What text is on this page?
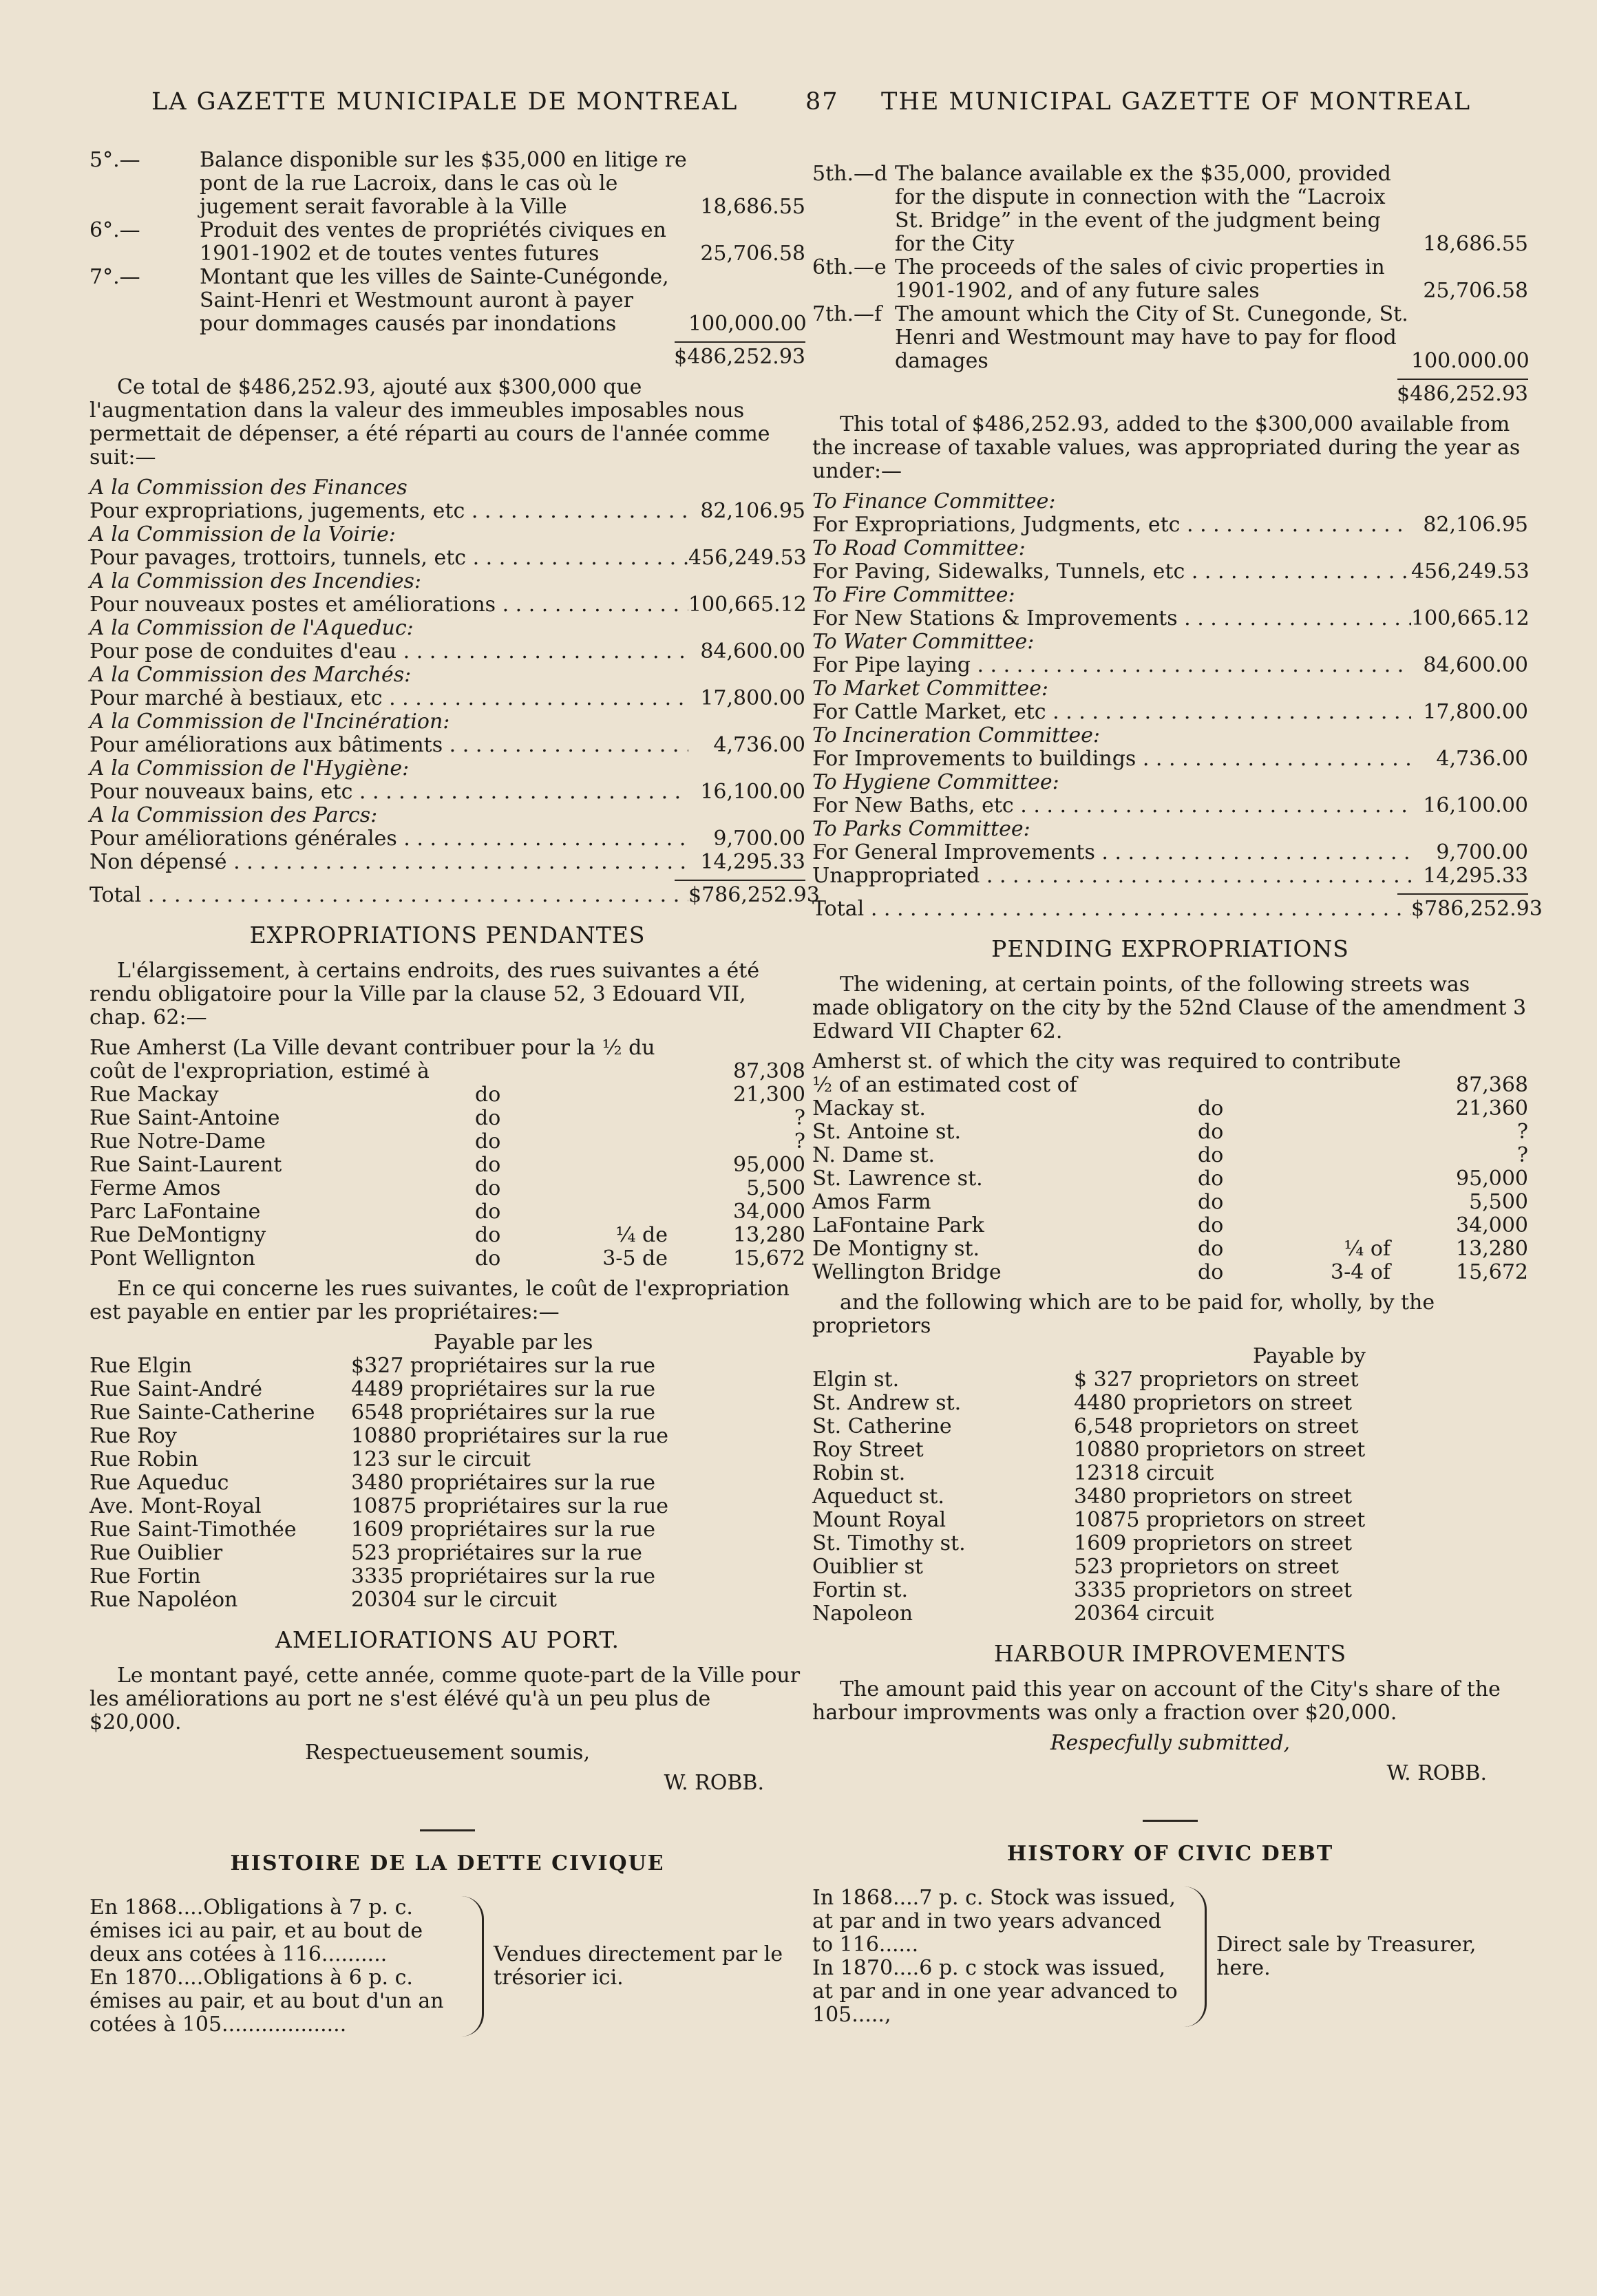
LA GAZETTE MUNICIPALE DE MONTREAL	87 THE MUNICIPAL GAZETTE OF MONTREAL
5°.—	Balance disponible sur les $35,000 en litige re pont de la rue Lacroix, dans le cas où le jugement serait favorable à la Ville	18,686.55
6°.—	Produit des ventes de propriétés civiques en 1901-1902 et de toutes ventes futures	25,706.58
7°.—	Montant que les villes de Sainte-Cunégonde, Saint-Henri et Westmount auront à payer pour dommages causés par inondations	100,000.00
$486,252.93
Ce total de $486,252.93, ajouté aux $300,000 que l'augmentation dans la valeur des immeubles imposables nous permettait de dépenser, a été réparti au cours de l'année comme suit:—
A la Commission des Finances
Pour expropriations, jugements, etc . . .	82,106.95
A la Commission de la Voirie:
Pour pavages, trottoirs, tunnels, etc . . .	456,249.53
A la Commission des Incendies:
Pour nouveaux postes et améliorations . . .	100,665.12
A la Commission de l'Aqueduc:
Pour pose de conduites d'eau . . .	84,600.00
A la Commission des Marchés:
Pour marché à bestiaux, etc . . .	17,800.00
A la Commission de l'Incinération:
Pour améliorations aux bâtiments . . .	4,736.00
A la Commission de l'Hygiène:
Pour nouveaux bains, etc . . .	16,100.00
A la Commission des Parcs:
Pour améliorations générales . . .	9,700.00
Non dépensé . . .	14,295.33
Total . . .	$786,252.93
EXPROPRIATIONS PENDANTES
L'élargissement, à certains endroits, des rues suivantes a été rendu obligatoire pour la Ville par la clause 52, 3 Edouard VII, chap. 62:—
Rue Amherst (La Ville devant contribuer pour la ½ du coût de l'expropriation, estimé à	87,308
Rue Mackay	do	21,300
Rue Saint-Antoine	do	?
Rue Notre-Dame	do	?
Rue Saint-Laurent	do	95,000
Ferme Amos	do	5,500
Parc LaFontaine	do	34,000
Rue DeMontigny	do	¼ de	13,280
Pont Wellignton	do	3-5 de	15,672
En ce qui concerne les rues suivantes, le coût de l'expropriation est payable en entier par les propriétaires:—
Payable par les
Rue Elgin	$327 propriétaires sur la rue
Rue Saint-André	4489 propriétaires sur la rue
Rue Sainte-Catherine	6548 propriétaires sur la rue
Rue Roy	10880 propriétaires sur la rue
Rue Robin	123 sur le circuit
Rue Aqueduc	3480 propriétaires sur la rue
Ave. Mont-Royal	10875 propriétaires sur la rue
Rue Saint-Timothée	1609 propriétaires sur la rue
Rue Ouiblier	523 propriétaires sur la rue
Rue Fortin	3335 propriétaires sur la rue
Rue Napoléon	20304 sur le circuit
AMELIORATIONS AU PORT.
Le montant payé, cette année, comme quote-part de la Ville pour les améliorations au port ne s'est élévé qu'à un peu plus de $20,000.
Respectueusement soumis,
W. ROBB.
HISTOIRE DE LA DETTE CIVIQUE
En 1868....Obligations à 7 p. c. émises ici au pair, et au bout de deux ans cotées à 116..........
En 1870....Obligations à 6 p. c. émises au pair, et au bout d'un an cotées à 105...................
Vendues directement par le trésorier ici.
5th.—d The balance available ex the $35,000, provided for the dispute in connection with the “Lacroix St. Bridge” in the event of the judgment being for the City	18,686.55
6th.—e The proceeds of the sales of civic properties in 1901-1902, and of any future sales	25,706.58
7th.—f The amount which the City of St. Cunegonde, St. Henri and Westmount may have to pay for flood damages	100.000.00
$486,252.93
This total of $486,252.93, added to the $300,000 available from the increase of taxable values, was appropriated during the year as under:—
To Finance Committee:
For Expropriations, Judgments, etc . . .	82,106.95
To Road Committee:
For Paving, Sidewalks, Tunnels, etc . . .	456,249.53
To Fire Committee:
For New Stations & Improvements . . .	100,665.12
To Water Committee:
For Pipe laying . . .	84,600.00
To Market Committee:
For Cattle Market, etc . . .	17,800.00
To Incineration Committee:
For Improvements to buildings . . .	4,736.00
To Hygiene Committee:
For New Baths, etc . . .	16,100.00
To Parks Committee:
For General Improvements . . .	9,700.00
Unappropriated . . .	14,295.33
Total . . .	$786,252.93
PENDING EXPROPRIATIONS
The widening, at certain points, of the following streets was made obligatory on the city by the 52nd Clause of the amendment 3 Edward VII Chapter 62.
Amherst st. of which the city was required to contribute ½ of an estimated cost of	87,368
Mackay st.	do	21,360
St. Antoine st.	do	?
N. Dame st.	do	?
St. Lawrence st.	do	95,000
Amos Farm	do	5,500
LaFontaine Park	do	34,000
De Montigny st.	do	¼ of	13,280
Wellington Bridge	do	3-4 of	15,672
and the following which are to be paid for, wholly, by the proprietors
Payable by
Elgin st.	$ 327 proprietors on street
St. Andrew st.	4480 proprietors on street
St. Catherine	6,548 proprietors on street
Roy Street	10880 proprietors on street
Robin st.	12318 circuit
Aqueduct st.	3480 proprietors on street
Mount Royal	10875 proprietors on street
St. Timothy st.	1609 proprietors on street
Ouiblier st	523 proprietors on street
Fortin st.	3335 proprietors on street
Napoleon	20364 circuit
HARBOUR IMPROVEMENTS
The amount paid this year on account of the City's share of the harbour improvments was only a fraction over $20,000.
Respecfully submitted,
W. ROBB.
HISTORY OF CIVIC DEBT
In 1868....7 p. c. Stock was issued, at par and in two years advanced to 116......
In 1870....6 p. c stock was issued, at par and in one year advanced to 105.....,
Direct sale by Treasurer, here.
